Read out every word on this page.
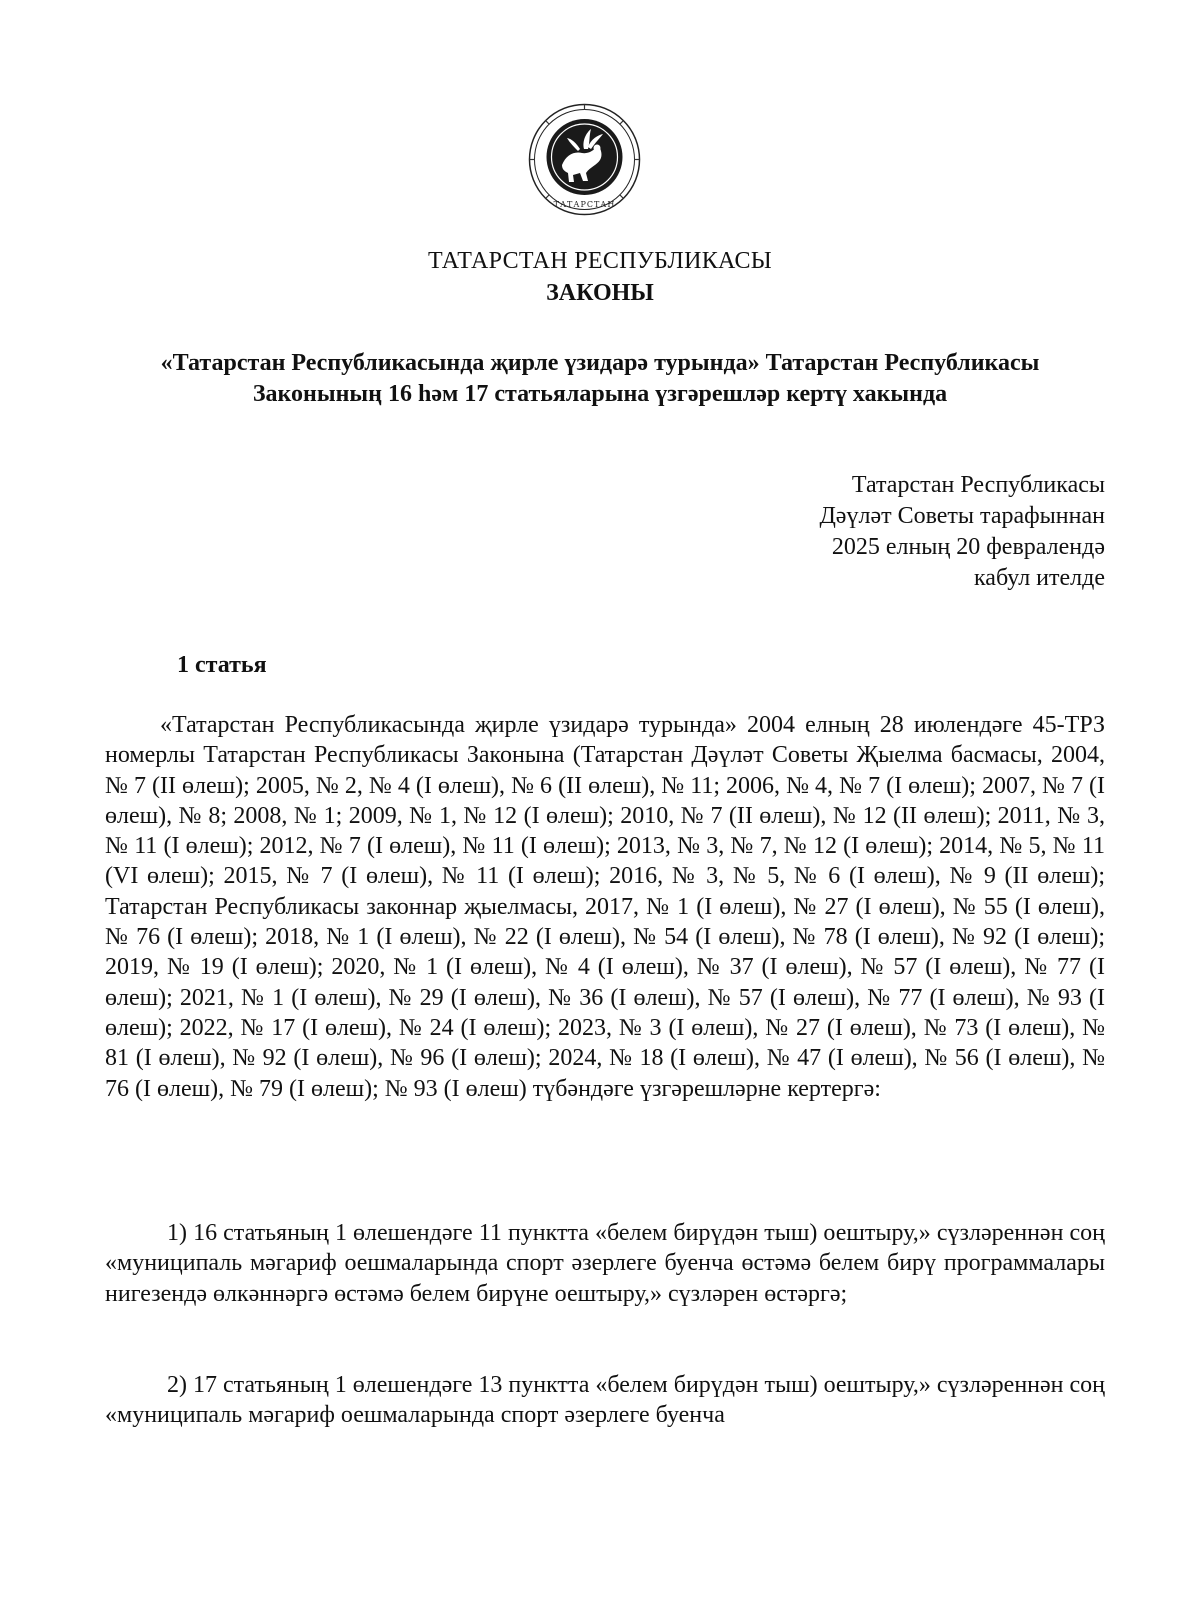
ТАТАРСТАН
ТАТАРСТАН РЕСПУБЛИКАСЫ
ЗАКОНЫ
«Татарстан Республикасында җирле үзидарә турында» Татарстан Республикасы Законының 16 һәм 17 статьяларына үзгәрешләр кертү хакында
Татарстан Республикасы
Дәүләт Советы тарафыннан
2025 елның 20 февралендә
кабул ителде
1 статья

«Татарстан Республикасында җирле үзидарә турында» 2004 елның 28 июлендәге 45-ТРЗ номерлы Татарстан Республикасы Законына (Татарстан Дәүләт Советы Җыелма басмасы, 2004, № 7 (II өлеш); 2005, № 2, № 4 (I өлеш), № 6 (II өлеш), № 11; 2006, № 4, № 7 (I өлеш); 2007, № 7 (I өлеш), № 8; 2008, № 1; 2009, № 1, № 12 (I өлеш); 2010, № 7 (II өлеш), № 12 (II өлеш); 2011, № 3, № 11 (I өлеш); 2012, № 7 (I өлеш), № 11 (I өлеш); 2013, № 3, № 7, № 12 (I өлеш); 2014, № 5, № 11 (VI өлеш); 2015, № 7 (I өлеш), № 11 (I өлеш); 2016, № 3, № 5, № 6 (I өлеш), № 9 (II өлеш); Татарстан Республикасы законнар җыелмасы, 2017, № 1 (I өлеш), № 27 (I өлеш), № 55 (I өлеш), № 76 (I өлеш); 2018, № 1 (I өлеш), № 22 (I өлеш), № 54 (I өлеш), № 78 (I өлеш), № 92 (I өлеш); 2019, № 19 (I өлеш); 2020, № 1 (I өлеш), № 4 (I өлеш), № 37 (I өлеш), № 57 (I өлеш), № 77 (I өлеш); 2021, № 1 (I өлеш), № 29 (I өлеш), № 36 (I өлеш), № 57 (I өлеш), № 77 (I өлеш), № 93 (I өлеш); 2022, № 17 (I өлеш), № 24 (I өлеш); 2023, № 3 (I өлеш), № 27 (I өлеш), № 73 (I өлеш), № 81 (I өлеш), № 92 (I өлеш), № 96 (I өлеш); 2024, № 18 (I өлеш), № 47 (I өлеш), № 56 (I өлеш), № 76 (I өлеш), № 79 (I өлеш); № 93 (I өлеш) түбәндәге үзгәрешләрне кертергә:

1) 16 статьяның 1 өлешендәге 11 пунктта «белем бирүдән тыш) оештыру,» сүзләреннән соң «муниципаль мәгариф оешмаларында спорт әзерлеге буенча өстәмә белем бирү программалары нигезендә өлкәннәргә өстәмә белем бирүне оештыру,» сүзләрен өстәргә;

2) 17 статьяның 1 өлешендәге 13 пунктта «белем бирүдән тыш) оештыру,» сүзләреннән соң «муниципаль мәгариф оешмаларында спорт әзерлеге буенча
